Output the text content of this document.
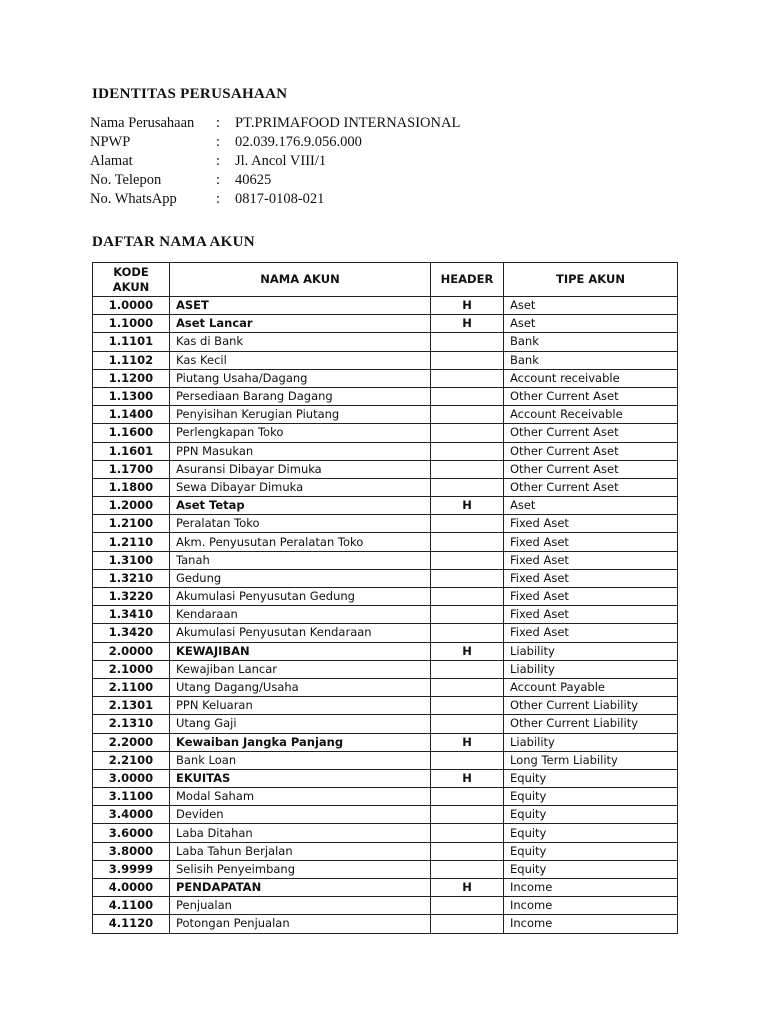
IDENTITAS PERUSAHAAN
Nama Perusahaan	:	PT.PRIMAFOOD INTERNASIONAL
NPWP	:	02.039.176.9.056.000
Alamat	:	Jl. Ancol VIII/1
No. Telepon	:	40625
No. WhatsApp	:	0817-0108-021
DAFTAR NAMA AKUN
KODE AKUN	NAMA AKUN	HEADER	TIPE AKUN
1.0000	ASET	H	Aset
1.1000	Aset Lancar	H	Aset
1.1101	Kas di Bank		Bank
1.1102	Kas Kecil		Bank
1.1200	Piutang Usaha/Dagang		Account receivable
1.1300	Persediaan Barang Dagang		Other Current Aset
1.1400	Penyisihan Kerugian Piutang		Account Receivable
1.1600	Perlengkapan Toko		Other Current Aset
1.1601	PPN Masukan		Other Current Aset
1.1700	Asuransi Dibayar Dimuka		Other Current Aset
1.1800	Sewa Dibayar Dimuka		Other Current Aset
1.2000	Aset Tetap	H	Aset
1.2100	Peralatan Toko		Fixed Aset
1.2110	Akm. Penyusutan Peralatan Toko		Fixed Aset
1.3100	Tanah		Fixed Aset
1.3210	Gedung		Fixed Aset
1.3220	Akumulasi Penyusutan Gedung		Fixed Aset
1.3410	Kendaraan		Fixed Aset
1.3420	Akumulasi Penyusutan Kendaraan		Fixed Aset
2.0000	KEWAJIBAN	H	Liability
2.1000	Kewajiban Lancar		Liability
2.1100	Utang Dagang/Usaha		Account Payable
2.1301	PPN Keluaran		Other Current Liability
2.1310	Utang Gaji		Other Current Liability
2.2000	Kewaiban Jangka Panjang	H	Liability
2.2100	Bank Loan		Long Term Liability
3.0000	EKUITAS	H	Equity
3.1100	Modal Saham		Equity
3.4000	Deviden		Equity
3.6000	Laba Ditahan		Equity
3.8000	Laba Tahun Berjalan		Equity
3.9999	Selisih Penyeimbang		Equity
4.0000	PENDAPATAN	H	Income
4.1100	Penjualan		Income
4.1120	Potongan Penjualan		Income
